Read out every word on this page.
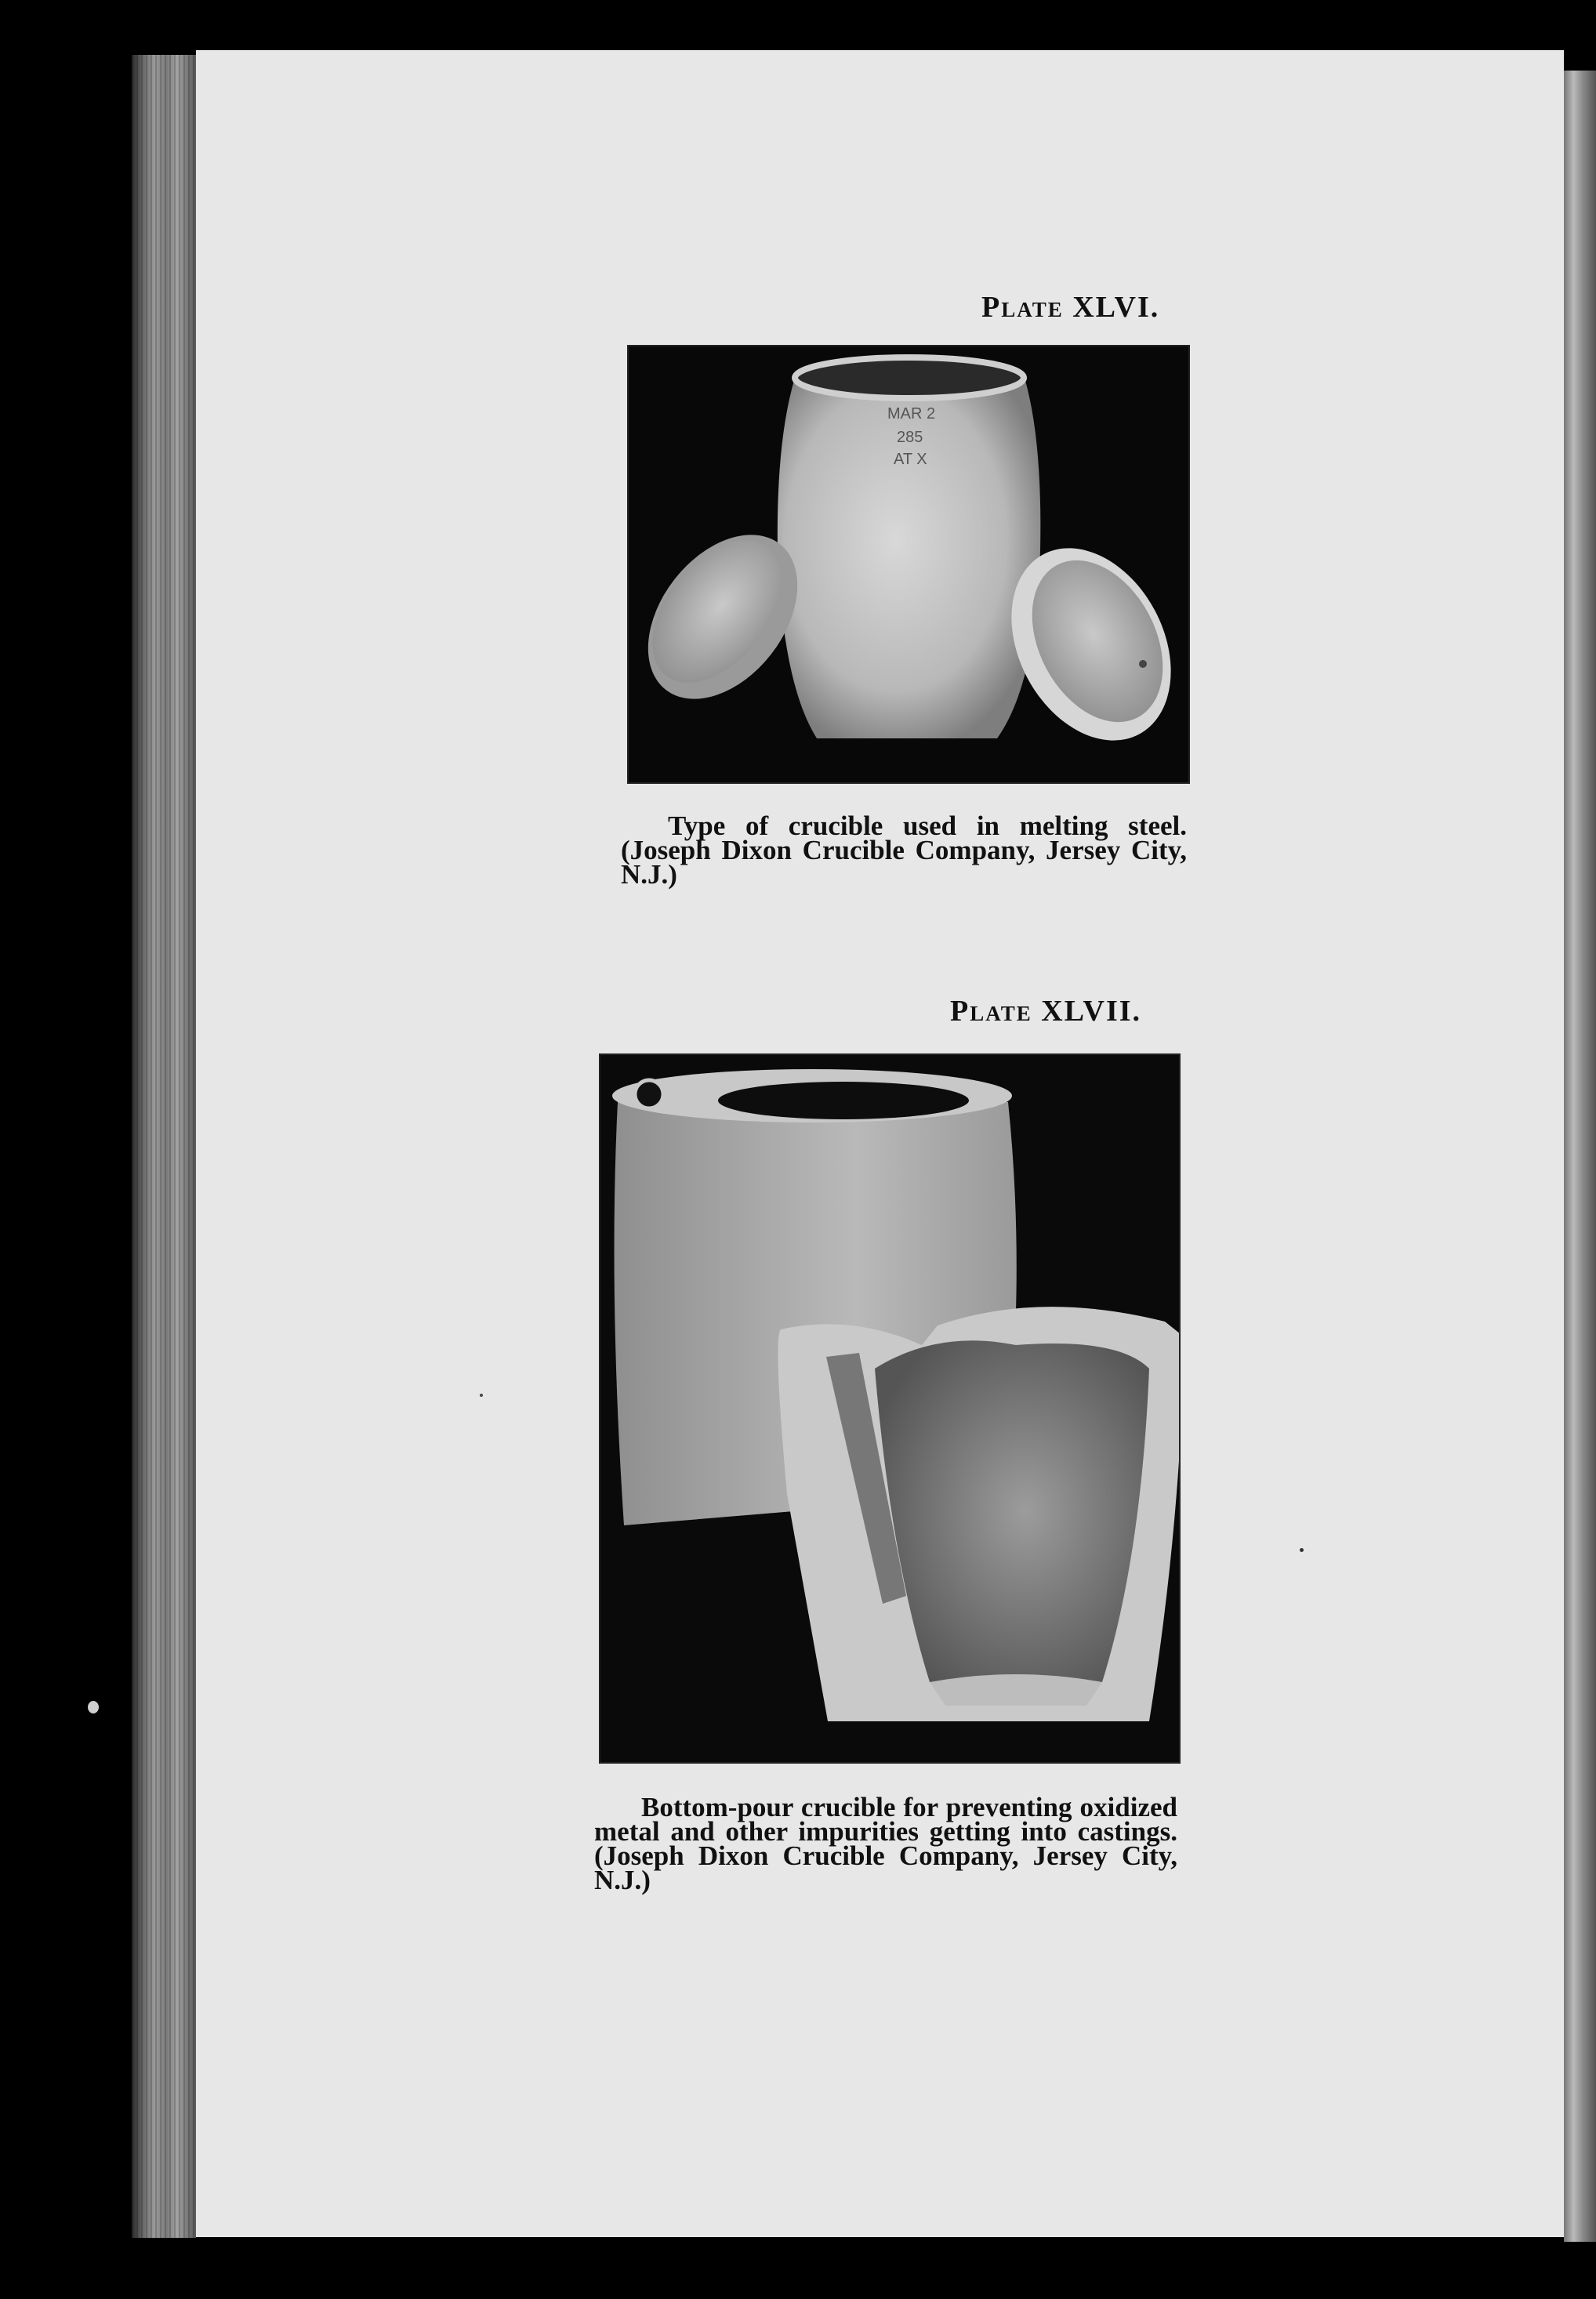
Plate XLVI.
MAR 2
285
AT X
Type of crucible used in melting steel. (Joseph Dixon Crucible Company, Jersey City, N.J.)
Plate XLVII.
Bottom-pour crucible for preventing oxidized metal and other impurities getting into castings. (Joseph Dixon Crucible Company, Jersey City, N.J.)
